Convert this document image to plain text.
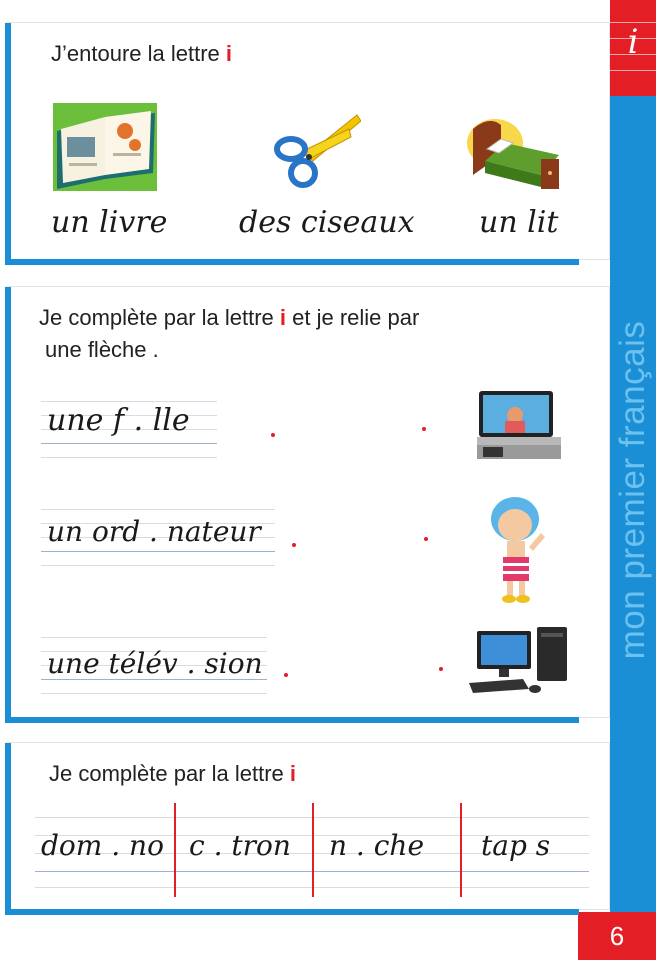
i
mon premier français
6
J’entoure la lettre i
un livre des ciseaux un lit
Je complète par la lettre i et je relie par
une flèche .
une f . lle
un ord . nateur
une télév . sion
Je complète par la lettre i
dom . no c . tron n . che tap s
